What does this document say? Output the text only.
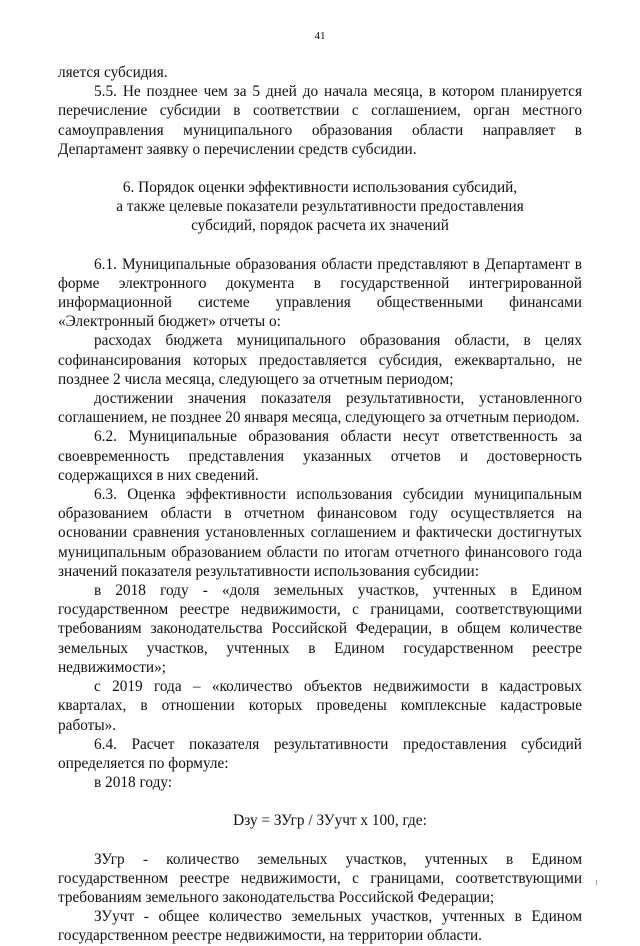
41

ляется субсидия.

5.5. Не позднее чем за 5 дней до начала месяца, в котором планируется перечисление субсидии в соответствии с соглашением, орган местного самоуправления муниципального образования области направляет в Департамент заявку о перечислении средств субсидии.

6. Порядок оценки эффективности использования субсидий,
а также целевые показатели результативности предоставления
субсидий, порядок расчета их значений

6.1. Муниципальные образования области представляют в Департамент в форме электронного документа в государственной интегрированной информационной системе управления общественными финансами «Электронный бюджет» отчеты о:

расходах бюджета муниципального образования области, в целях софинансирования которых предоставляется субсидия, ежеквартально, не позднее 2 числа месяца, следующего за отчетным периодом;

достижении значения показателя результативности, установленного соглашением, не позднее 20 января месяца, следующего за отчетным периодом.

6.2. Муниципальные образования области несут ответственность за своевременность представления указанных отчетов и достоверность содержащихся в них сведений.

6.3. Оценка эффективности использования субсидии муниципальным образованием области в отчетном финансовом году осуществляется на основании сравнения установленных соглашением и фактически достигнутых муниципальным образованием области по итогам отчетного финансового года значений показателя результативности использования субсидии:

в 2018 году - «доля земельных участков, учтенных в Едином государственном реестре недвижимости, с границами, соответствующими требованиям законодательства Российской Федерации, в общем количестве земельных участков, учтенных в Едином государственном реестре недвижимости»;

с 2019 года – «количество объектов недвижимости в кадастровых кварталах, в отношении которых проведены комплексные кадастровые работы».

6.4. Расчет показателя результативности предоставления субсидий определяется по формуле:

в 2018 году:

Dзу = ЗУгр / ЗУучт х 100, где:

ЗУгр - количество земельных участков, учтенных в Едином государственном реестре недвижимости, с границами, соответствующими требованиям земельного законодательства Российской Федерации;

ЗУучт - общее количество земельных участков, учтенных в Едином государственном реестре недвижимости, на территории области.
